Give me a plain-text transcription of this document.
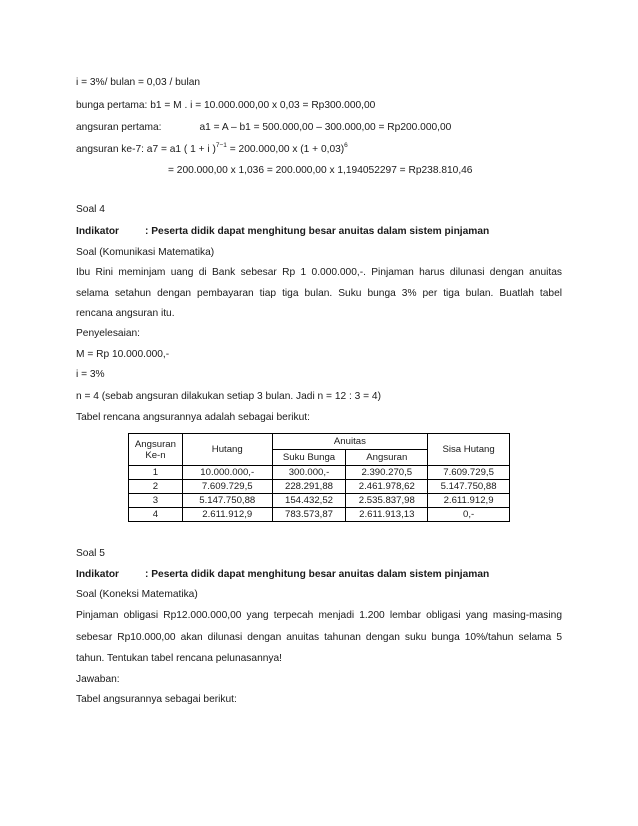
i = 3%/ bulan = 0,03 / bulan
bunga pertama: b1 = M . i = 10.000.000,00 x 0,03 = Rp300.000,00
angsuran pertama:	a1 = A – b1 = 500.000,00 – 300.000,00 = Rp200.000,00
angsuran ke-7: a7 = a1 ( 1 + i )$^{7-1}$ = 200.000,00 x $(1 + 0,03)^6$
= 200.000,00 x 1,036 = 200.000,00 x 1,194052297 = Rp238.810,46
Soal 4
Indikator	: Peserta didik dapat menghitung besar anuitas dalam sistem pinjaman
Soal (Komunikasi Matematika)
Ibu Rini meminjam uang di Bank sebesar Rp 1 0.000.000,-. Pinjaman harus dilunasi dengan anuitas
selama setahun dengan pembayaran tiap tiga bulan. Suku bunga 3% per tiga bulan. Buatlah tabel
rencana angsuran itu.
Penyelesaian:
M = Rp 10.000.000,-
i = 3%
n = 4 (sebab angsuran dilakukan setiap 3 bulan. Jadi n = 12 : 3 = 4)
Tabel rencana angsurannya adalah sebagai berikut:
Angsuran Ke-n	Hutang	Anuitas		Sisa Hutang
		Suku Bunga	Angsuran	
1	10.000.000,-	300.000,-	2.390.270,5	7.609.729,5
2	7.609.729,5	228.291,88	2.461.978,62	5.147.750,88
3	5.147.750,88	154.432,52	2.535.837,98	2.611.912,9
4	2.611.912,9	783.573,87	2.611.913,13	0,-
Soal 5
Indikator	: Peserta didik dapat menghitung besar anuitas dalam sistem pinjaman
Soal (Koneksi Matematika)
Pinjaman obligasi Rp12.000.000,00 yang terpecah menjadi 1.200 lembar obligasi yang masing-masing
sebesar Rp10.000,00 akan dilunasi dengan anuitas tahunan dengan suku bunga 10%/tahun selama 5
tahun. Tentukan tabel rencana pelunasannya!
Jawaban:
Tabel angsurannya sebagai berikut:
